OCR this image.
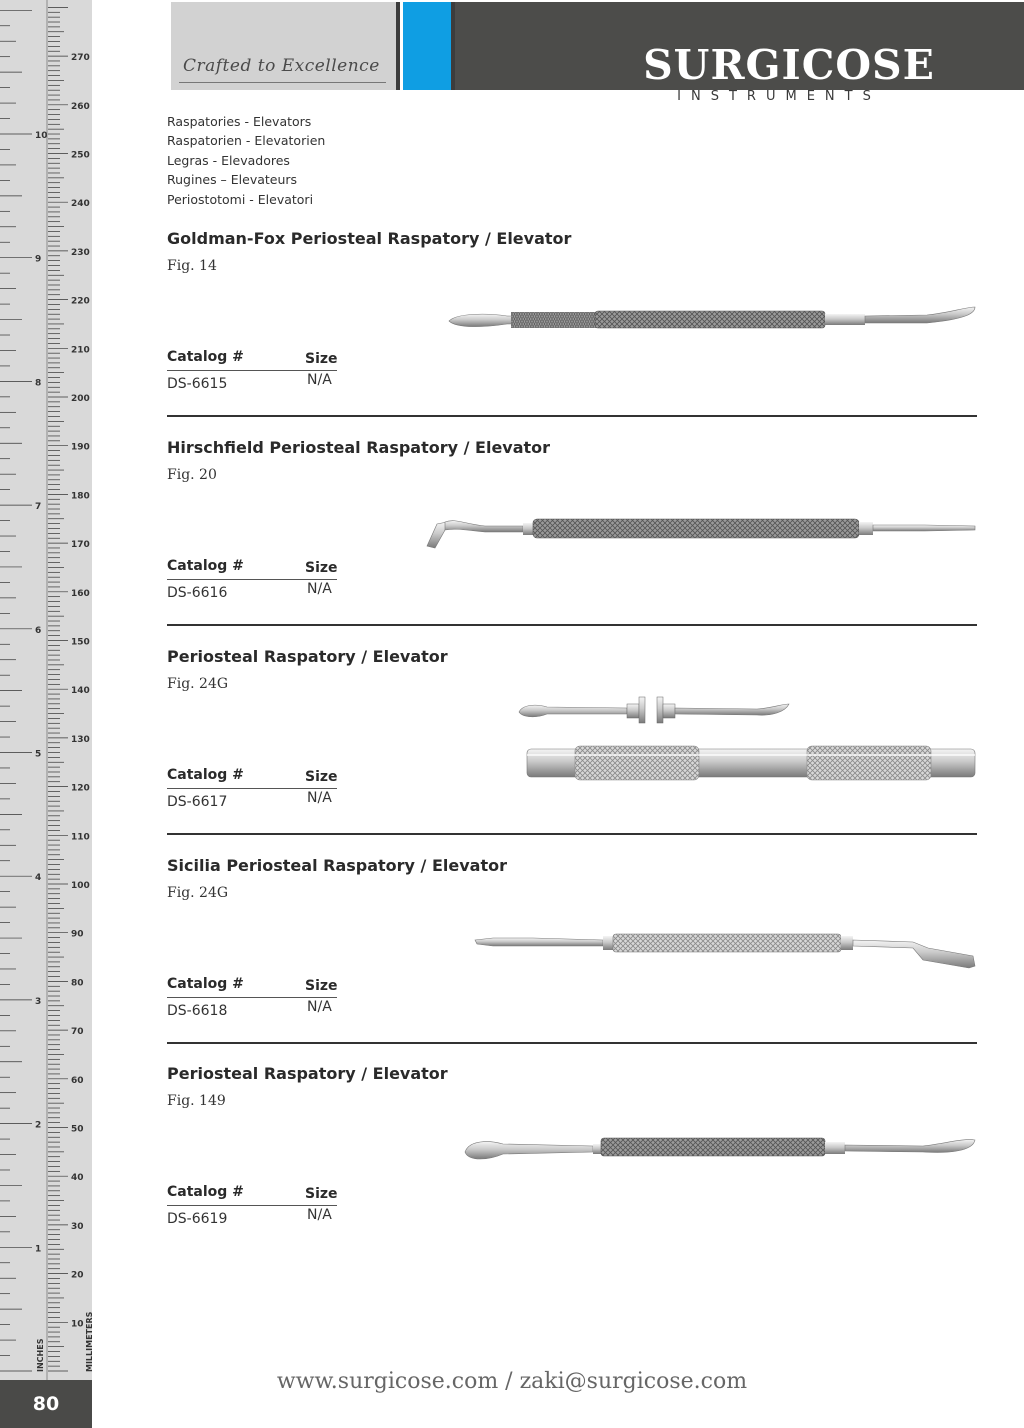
10
20
30
40
50
60
70
80
90
100
110
120
130
140
150
160
170
180
190
200
210
220
230
240
250
260
270
1
2
3
4
5
6
7
8
9
10
INCHES	MILLIMETERS
80
Crafted to Excellence	SURGICOSE
INSTRUMENTS
Raspatories - Elevators
Raspatorien - Elevatorien
Legras - Elevadores
Rugines – Elevateurs
Periostotomi - Elevatori
Goldman-Fox Periosteal Raspatory / Elevator
Fig. 14
Catalog #	Size
DS-6615	N/A
Hirschfield Periosteal Raspatory / Elevator
Fig. 20
Catalog #	Size
DS-6616	N/A
Periosteal Raspatory / Elevator
Fig. 24G
Catalog #	Size
DS-6617	N/A
Sicilia Periosteal Raspatory / Elevator
Fig. 24G
Catalog #	Size
DS-6618	N/A
Periosteal Raspatory / Elevator
Fig. 149
Catalog #	Size
DS-6619	N/A
www.surgicose.com / zaki@surgicose.com
